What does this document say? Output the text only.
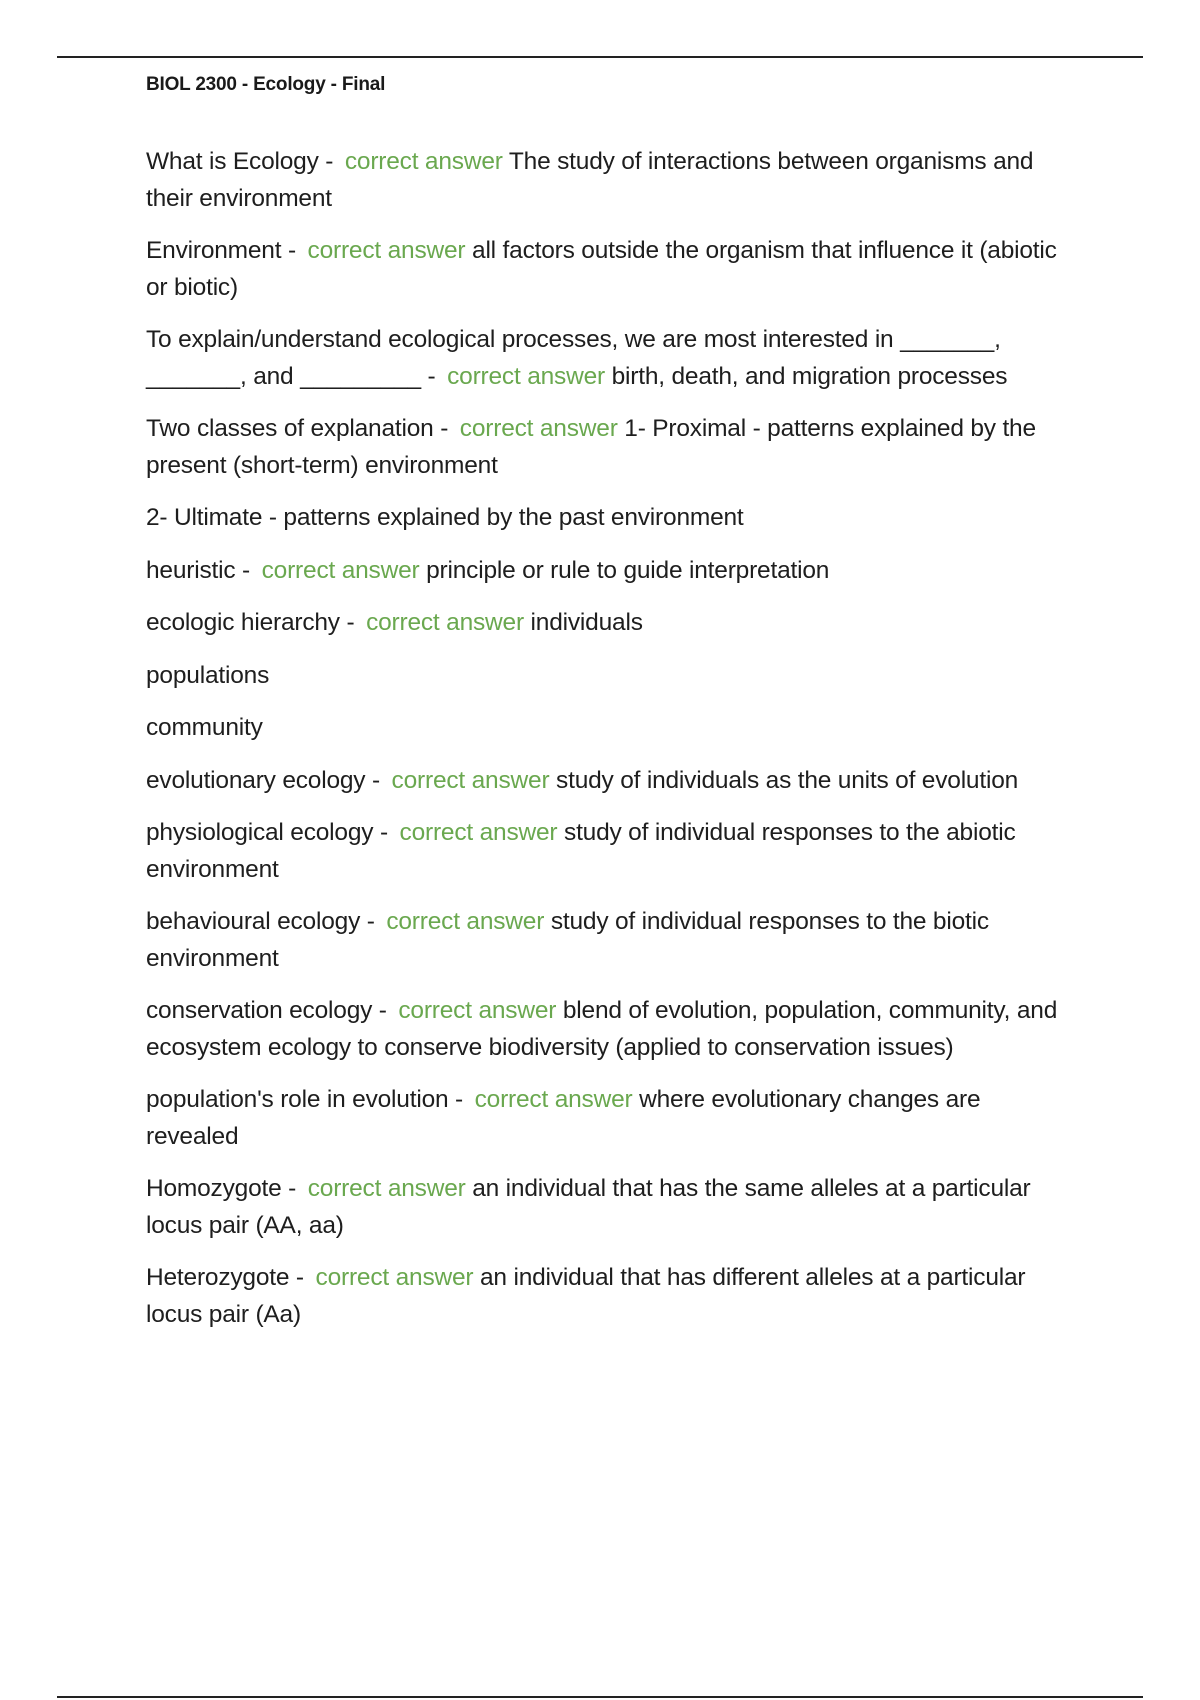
BIOL 2300 - Ecology - Final

What is Ecology - correct answer The study of interactions between organisms and their environment

Environment - correct answer all factors outside the organism that influence it (abiotic or biotic)

To explain/understand ecological processes, we are most interested in _______, _______, and _________ - correct answer birth, death, and migration processes

Two classes of explanation - correct answer 1- Proximal - patterns explained by the present (short-term) environment

2- Ultimate - patterns explained by the past environment

heuristic - correct answer principle or rule to guide interpretation

ecologic hierarchy - correct answer individuals

populations

community

evolutionary ecology - correct answer study of individuals as the units of evolution

physiological ecology - correct answer study of individual responses to the abiotic environment

behavioural ecology - correct answer study of individual responses to the biotic environment

conservation ecology - correct answer blend of evolution, population, community, and ecosystem ecology to conserve biodiversity (applied to conservation issues)

population's role in evolution - correct answer where evolutionary changes are revealed

Homozygote - correct answer an individual that has the same alleles at a particular locus pair (AA, aa)

Heterozygote - correct answer an individual that has different alleles at a particular locus pair (Aa)
